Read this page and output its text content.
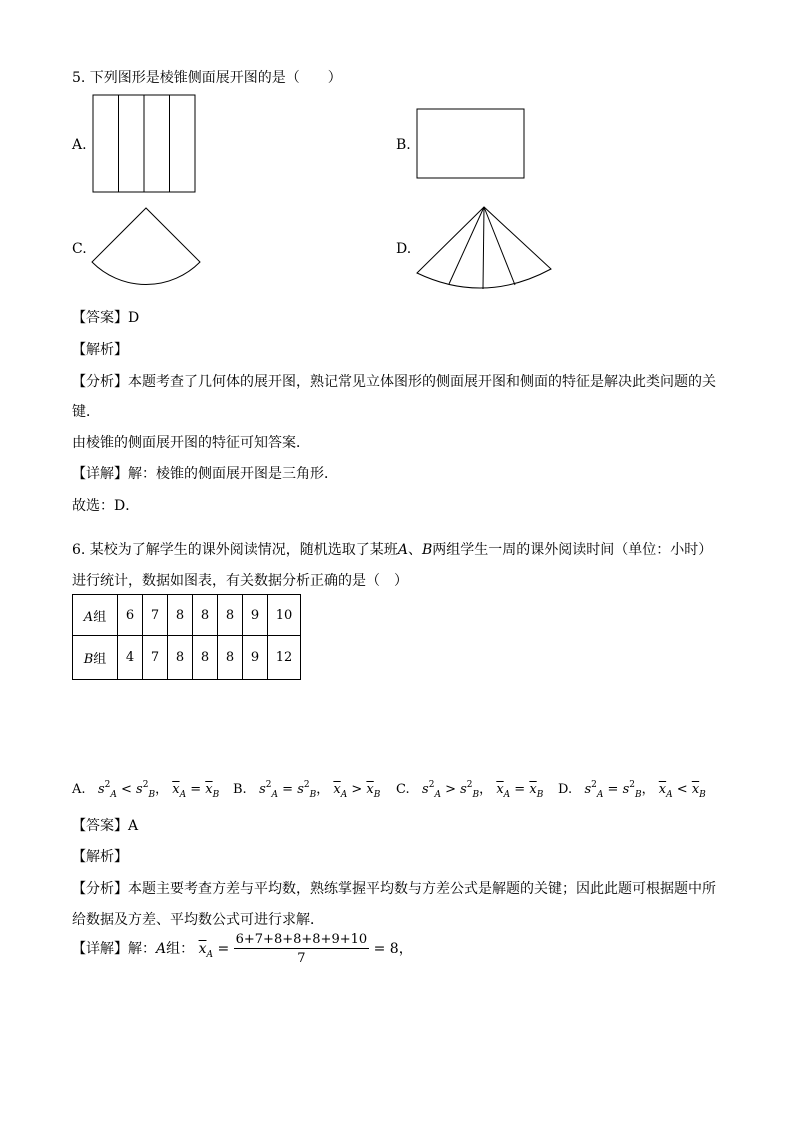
5. 下列图形是棱锥侧面展开图的是（　　）
A.	B.
C.	D.
【答案】D
【解析】
【分析】本题考查了几何体的展开图，熟记常见立体图形的侧面展开图和侧面的特征是解决此类问题的关
键．
由棱锥的侧面展开图的特征可知答案．
【详解】解：棱锥的侧面展开图是三角形．
故选：D．
6. 某校为了解学生的课外阅读情况，随机选取了某班A、B两组学生一周的课外阅读时间（单位：小时）
进行统计，数据如图表，有关数据分析正确的是（　）
A组	6	7	8	8	8	9	10
B组	4	7	8	8	8	9	12
A. $s^2_A < s^2_B$， $\overline{x}_A = \overline{x}_B$ B. $s^2_A = s^2_B$， $\overline{x}_A > \overline{x}_B$ C. $s^2_A > s^2_B$， $\overline{x}_A = \overline{x}_B$ D. $s^2_A = s^2_B$， $\overline{x}_A < \overline{x}_B$
【答案】A
【解析】
【分析】本题主要考查方差与平均数，熟练掌握平均数与方差公式是解题的关键；因此此题可根据题中所
给数据及方差、平均数公式可进行求解．
【详解】解：A组： $\overline{x}_A = \frac{6+7+8+8+8+9+10}{7} = 8$，
